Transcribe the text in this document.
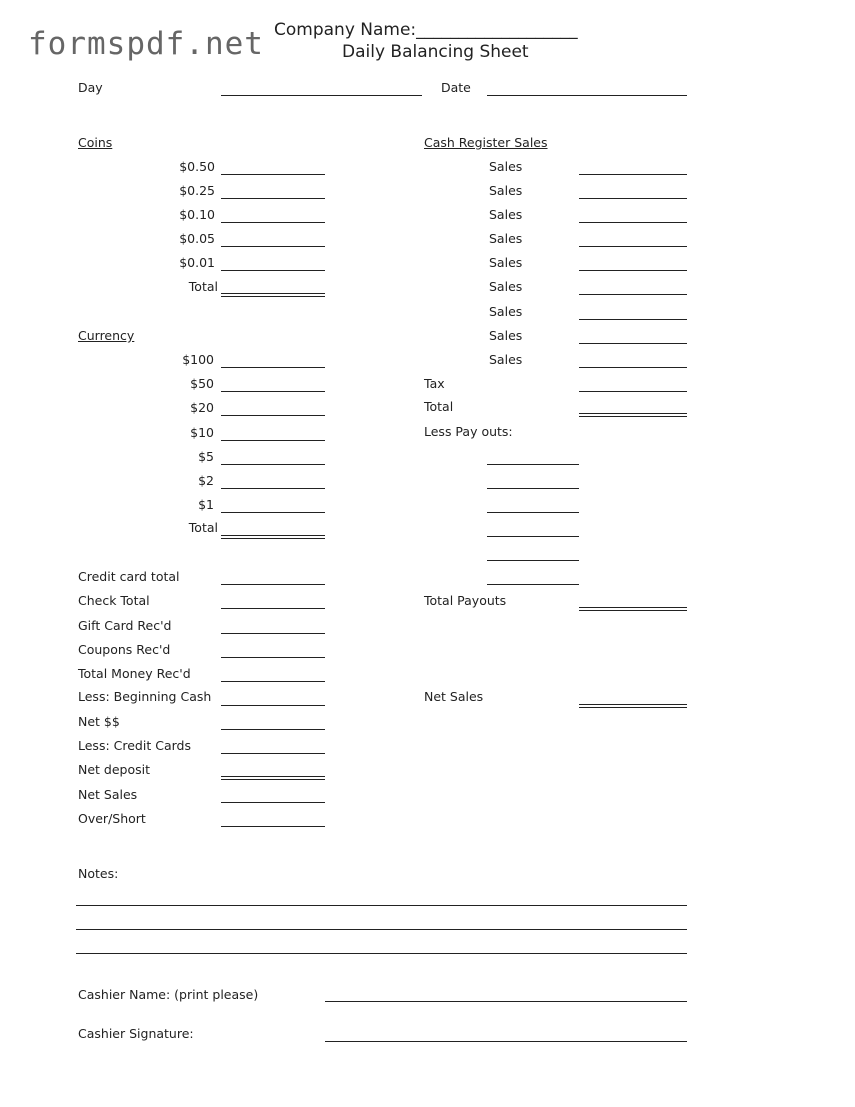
formspdf.net Company Name:___________________
Daily Balancing Sheet
Day	Date
Coins
$0.50
$0.25
$0.10
$0.05
$0.01
Total
Currency
$100
$50
$20
$10
$5
$2
$1
Total
Credit card total
Check Total
Gift Card Rec'd
Coupons Rec'd
Total Money Rec'd
Less: Beginning Cash
Net $$
Less: Credit Cards
Net deposit
Net Sales
Over/Short
Cash Register Sales
Sales
Sales
Sales
Sales
Sales
Sales
Sales
Sales
Sales
Tax
Total
Less Pay outs:
Total Payouts
Net Sales
Notes:
Cashier Name: (print please)
Cashier Signature:
